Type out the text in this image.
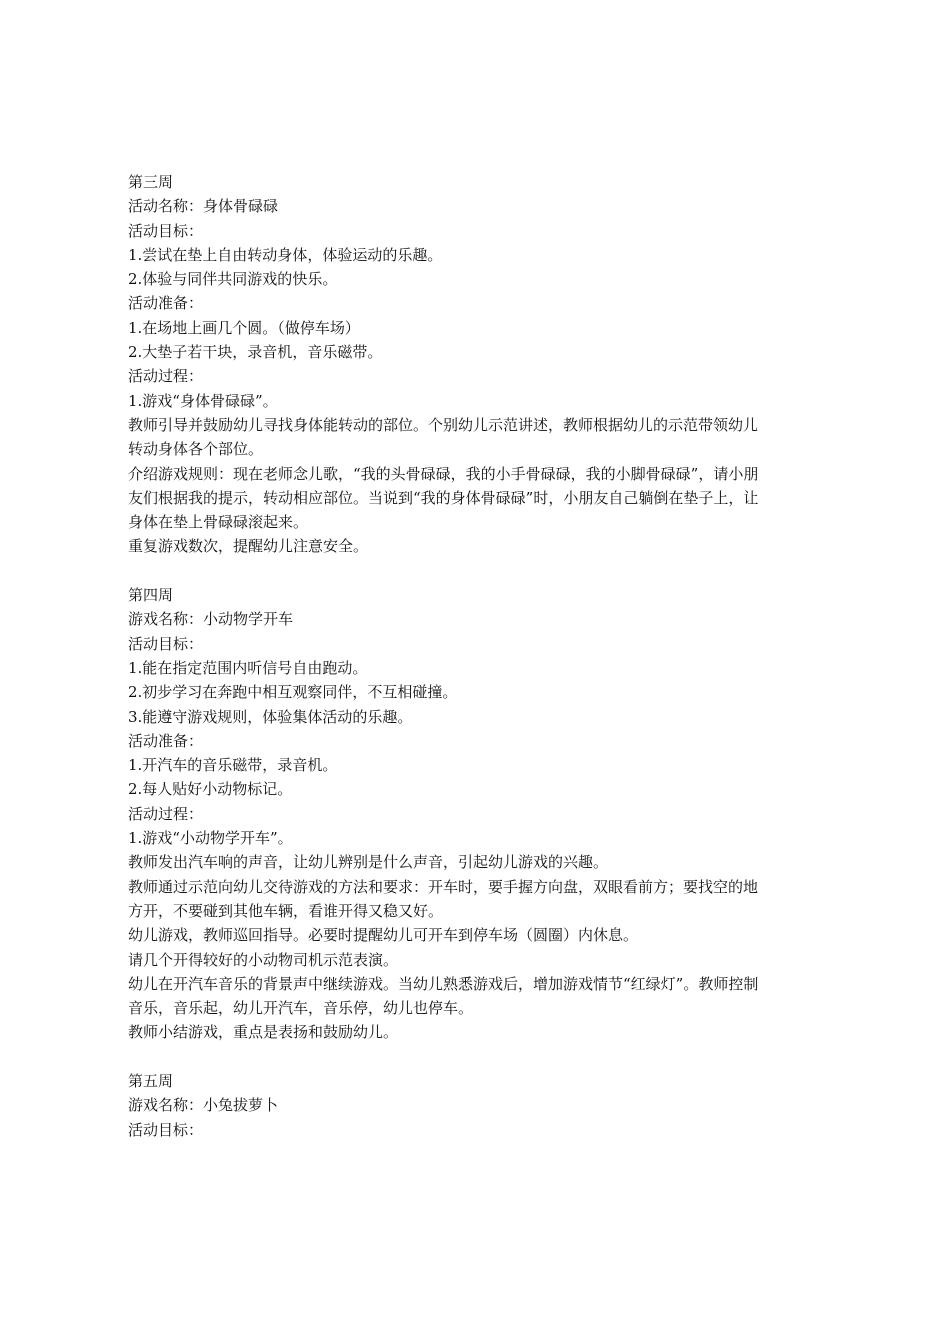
第三周

活动名称：身体骨碌碌

活动目标：

1.尝试在垫上自由转动身体，体验运动的乐趣。

2.体验与同伴共同游戏的快乐。

活动准备：

1.在场地上画几个圆。（做停车场）

2.大垫子若干块，录音机，音乐磁带。

活动过程：

1.游戏“身体骨碌碌”。

教师引导并鼓励幼儿寻找身体能转动的部位。个别幼儿示范讲述，教师根据幼儿的示范带领幼儿

转动身体各个部位。

介绍游戏规则：现在老师念儿歌，“我的头骨碌碌，我的小手骨碌碌，我的小脚骨碌碌”，请小朋

友们根据我的提示，转动相应部位。当说到“我的身体骨碌碌”时，小朋友自己躺倒在垫子上，让

身体在垫上骨碌碌滚起来。

重复游戏数次，提醒幼儿注意安全。

第四周

游戏名称：小动物学开车

活动目标：

1.能在指定范围内听信号自由跑动。

2.初步学习在奔跑中相互观察同伴，不互相碰撞。

3.能遵守游戏规则，体验集体活动的乐趣。

活动准备：

1.开汽车的音乐磁带，录音机。

2.每人贴好小动物标记。

活动过程：

1.游戏“小动物学开车”。

教师发出汽车响的声音，让幼儿辨别是什么声音，引起幼儿游戏的兴趣。

教师通过示范向幼儿交待游戏的方法和要求：开车时，要手握方向盘，双眼看前方；要找空的地

方开，不要碰到其他车辆，看谁开得又稳又好。

幼儿游戏，教师巡回指导。必要时提醒幼儿可开车到停车场（圆圈）内休息。

请几个开得较好的小动物司机示范表演。

幼儿在开汽车音乐的背景声中继续游戏。当幼儿熟悉游戏后，增加游戏情节“红绿灯”。教师控制

音乐，音乐起，幼儿开汽车，音乐停，幼儿也停车。

教师小结游戏，重点是表扬和鼓励幼儿。

第五周

游戏名称：小兔拔萝卜

活动目标：
